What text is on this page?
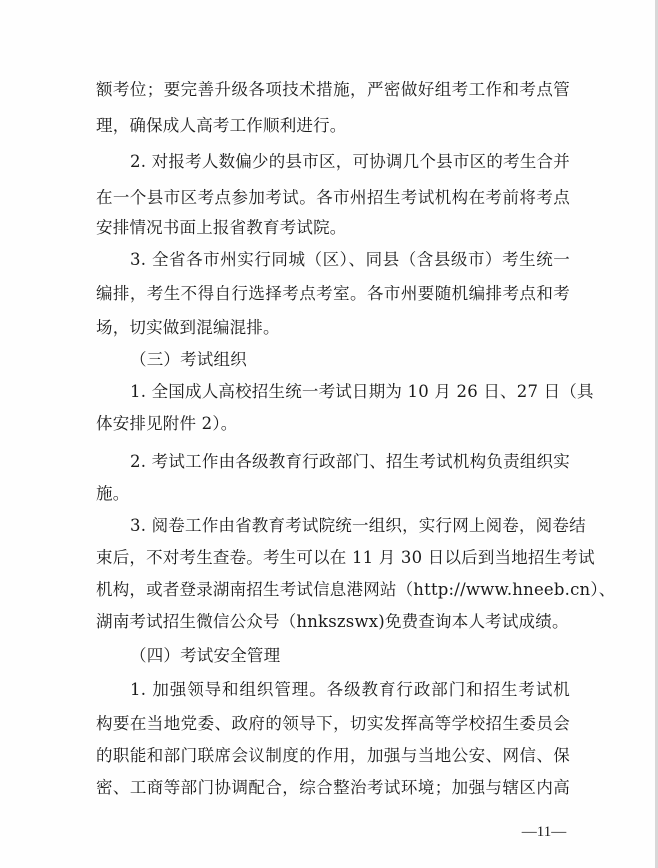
额考位；要完善升级各项技术措施，严密做好组考工作和考点管
理，确保成人高考工作顺利进行。
2. 对报考人数偏少的县市区，可协调几个县市区的考生合并
在一个县市区考点参加考试。各市州招生考试机构在考前将考点
安排情况书面上报省教育考试院。
3. 全省各市州实行同城（区）、同县（含县级市）考生统一
编排，考生不得自行选择考点考室。各市州要随机编排考点和考
场，切实做到混编混排。
（三）考试组织
1. 全国成人高校招生统一考试日期为 10 月 26 日、27 日（具
体安排见附件 2）。
2. 考试工作由各级教育行政部门、招生考试机构负责组织实
施。
3. 阅卷工作由省教育考试院统一组织，实行网上阅卷，阅卷结
束后，不对考生查卷。考生可以在 11 月 30 日以后到当地招生考试
机构，或者登录湖南招生考试信息港网站（http://www.hneeb.cn）、
湖南考试招生微信公众号（hnkszswx)免费查询本人考试成绩。
（四）考试安全管理
1. 加强领导和组织管理。各级教育行政部门和招生考试机
构要在当地党委、政府的领导下，切实发挥高等学校招生委员会
的职能和部门联席会议制度的作用，加强与当地公安、网信、保
密、工商等部门协调配合，综合整治考试环境；加强与辖区内高
—11—
